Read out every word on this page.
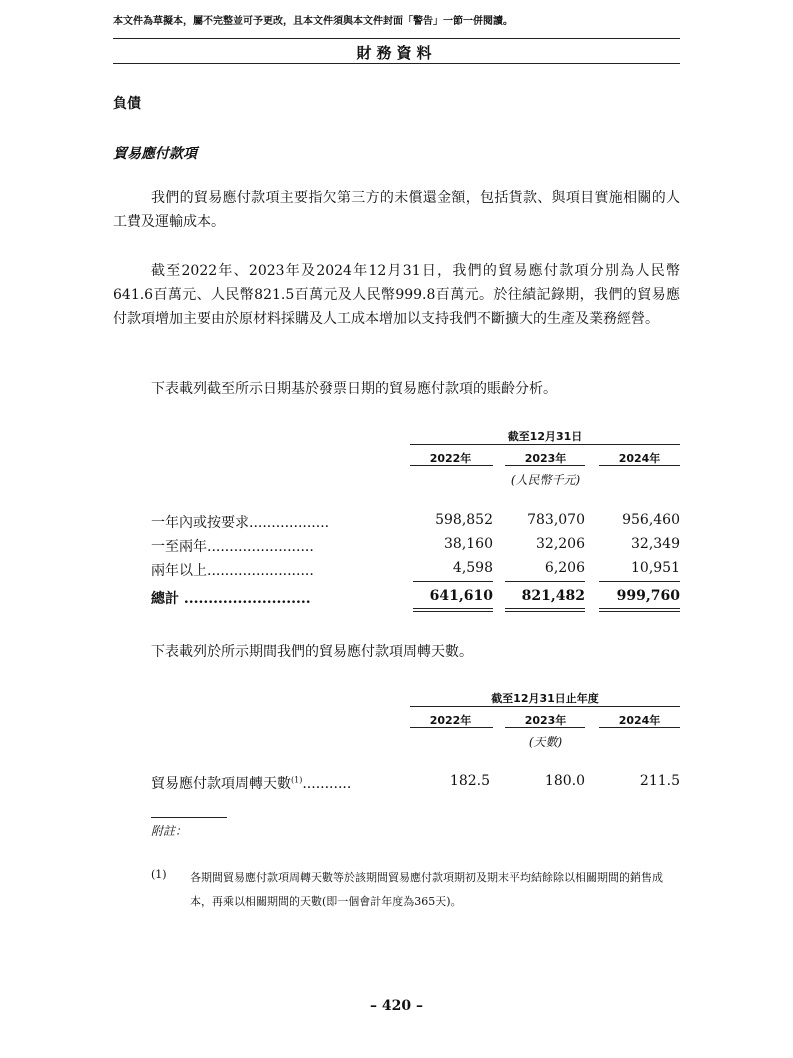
本文件為草擬本，屬不完整並可予更改，且本文件須與本文件封面「警告」一節一併閱讀。
財務資料
負債
貿易應付款項
我們的貿易應付款項主要指欠第三方的未償還金額，包括貨款、與項目實施相關的人工費及運輸成本。
截至2022年、2023年及2024年12月31日，我們的貿易應付款項分別為人民幣641.6百萬元、人民幣821.5百萬元及人民幣999.8百萬元。於往績記錄期，我們的貿易應付款項增加主要由於原材料採購及人工成本增加以支持我們不斷擴大的生產及業務經營。
下表載列截至所示日期基於發票日期的貿易應付款項的賬齡分析。
截至12月31日
2022年	2023年	2024年
(人民幣千元)
一年內或按要求..................	598,852	783,070	956,460
一至兩年........................	38,160	32,206	32,349
兩年以上........................	4,598	6,206	10,951
總計 ..........................	641,610	821,482	999,760
下表載列於所示期間我們的貿易應付款項周轉天數。
截至12月31日止年度
2022年	2023年	2024年
(天數)
貿易應付款項周轉天數$^{(1)}$...........	182.5	180.0	211.5
附註：
(1) 各期間貿易應付款項周轉天數等於該期間貿易應付款項期初及期末平均結餘除以相關期間的銷售成本，再乘以相關期間的天數(即一個會計年度為365天)。
– 420 –
